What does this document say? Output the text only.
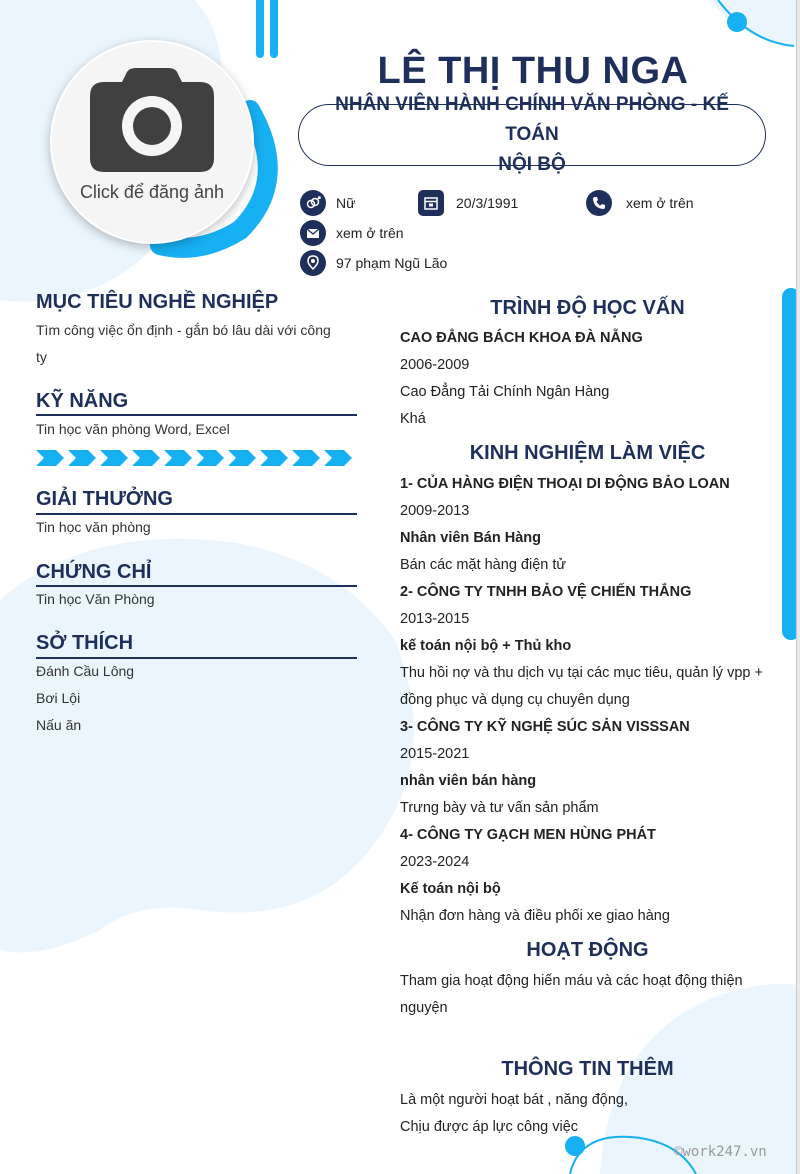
Click để đăng ảnh
LÊ THỊ THU NGA
NHÂN VIÊN HÀNH CHÍNH VĂN PHÒNG - KẾ TOÁN
NỘI BỘ
Nữ	20/3/1991	xem ở trên
xem ở trên
97 phạm Ngũ Lão
MỤC TIÊU NGHỀ NGHIỆP
Tìm công việc ổn định - gắn bó lâu dài với công
ty
KỸ NĂNG
Tin học văn phòng Word, Excel
GIẢI THƯỞNG
Tin học văn phòng
CHỨNG CHỈ
Tin học Văn Phòng
SỞ THÍCH
Đánh Cầu Lông
Bơi Lội
Nấu ăn
TRÌNH ĐỘ HỌC VẤN
CAO ĐẲNG BÁCH KHOA ĐÀ NẴNG
2006-2009
Cao Đẳng Tải Chính Ngân Hàng
Khá
KINH NGHIỆM LÀM VIỆC
1- CỦA HÀNG ĐIỆN THOẠI DI ĐỘNG BẢO LOAN
2009-2013
Nhân viên Bán Hàng
Bán các mặt hàng điện tử
2- CÔNG TY TNHH BẢO VỆ CHIẾN THẮNG
2013-2015
kế toán nội bộ + Thủ kho
Thu hồi nợ và thu dịch vụ tại các mục tiêu, quản lý vpp +
đồng phục và dụng cụ chuyên dụng
3- CÔNG TY KỸ NGHỆ SÚC SẢN VISSSAN
2015-2021
nhân viên bán hàng
Trưng bày và tư vấn sản phẩm
4- CÔNG TY GẠCH MEN HÙNG PHÁT
2023-2024
Kế toán nội bộ
Nhận đơn hàng và điều phối xe giao hàng
HOẠT ĐỘNG
Tham gia hoạt động hiến máu và các hoạt động thiện
nguyện
THÔNG TIN THÊM
Là một người hoạt bát , năng động,
Chịu được áp lực công việc
©work247.vn
